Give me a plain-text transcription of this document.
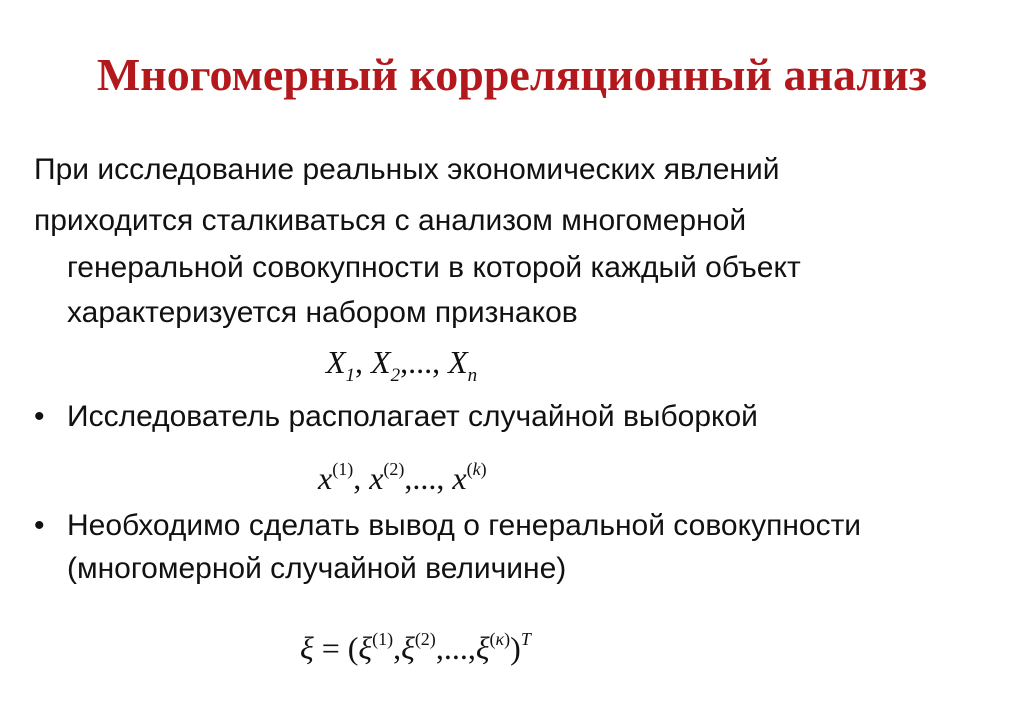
Многомерный корреляционный анализ
При исследование реальных экономических явлений
приходится сталкиваться с анализом многомерной
генеральной совокупности в которой каждый объект
характеризуется набором признаков
$X_1$, $X_2$,..., $X_n$
• Исследователь располагает случайной выборкой
$x^{(1)}$, $x^{(2)}$,..., $x^{(k)}$
• Необходимо сделать вывод о генеральной совокупности
(многомерной случайной величине)
$\xi = (\xi^{(1)},\xi^{(2)},...,\xi^{(\kappa)})^T$
